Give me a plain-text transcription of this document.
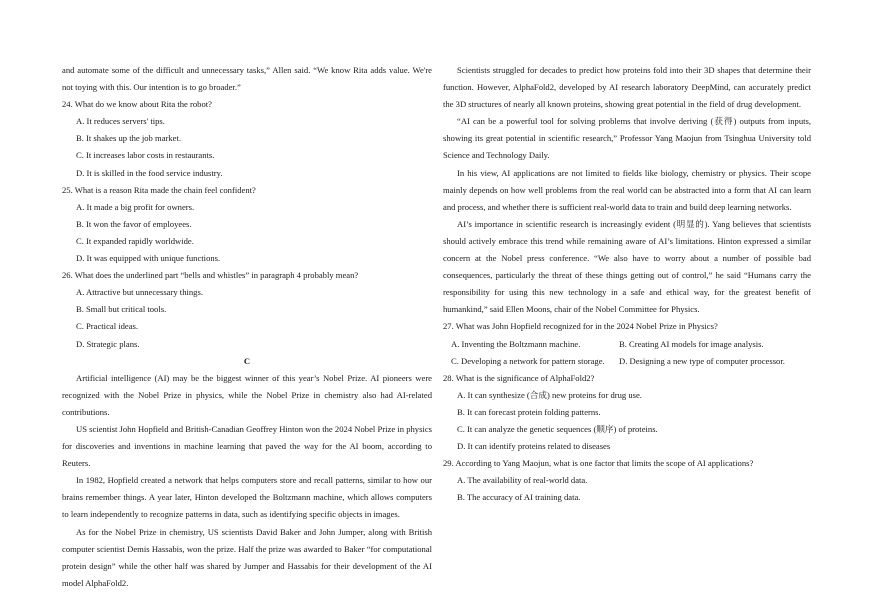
and automate some of the difficult and unnecessary tasks,” Allen said. “We know Rita adds value. We're not toying with this. Our intention is to go broader.”

24. What do we know about Rita the robot?

A. It reduces servers' tips.

B. It shakes up the job market.

C. It increases labor costs in restaurants.

D. It is skilled in the food service industry.

25. What is a reason Rita made the chain feel confident?

A. It made a big profit for owners.

B. It won the favor of employees.

C. It expanded rapidly worldwide.

D. It was equipped with unique functions.

26. What does the underlined part “bells and whistles” in paragraph 4 probably mean?

A. Attractive but unnecessary things.

B. Small but critical tools.

C. Practical ideas.

D. Strategic plans.

C

Artificial intelligence (AI) may be the biggest winner of this year’s Nobel Prize. AI pioneers were recognized with the Nobel Prize in physics, while the Nobel Prize in chemistry also had AI-related contributions.

US scientist John Hopfield and British-Canadian Geoffrey Hinton won the 2024 Nobel Prize in physics for discoveries and inventions in machine learning that paved the way for the AI boom, according to Reuters.

In 1982, Hopfield created a network that helps computers store and recall patterns, similar to how our brains remember things. A year later, Hinton developed the Boltzmann machine, which allows computers to learn independently to recognize patterns in data, such as identifying specific objects in images.

As for the Nobel Prize in chemistry, US scientists David Baker and John Jumper, along with British computer scientist Demis Hassabis, won the prize. Half the prize was awarded to Baker “for computational protein design” while the other half was shared by Jumper and Hassabis for their development of the AI model AlphaFold2.

Scientists struggled for decades to predict how proteins fold into their 3D shapes that determine their function. However, AlphaFold2, developed by AI research laboratory DeepMind, can accurately predict the 3D structures of nearly all known proteins, showing great potential in the field of drug development.

“AI can be a powerful tool for solving problems that involve deriving (获得) outputs from inputs, showing its great potential in scientific research,” Professor Yang Maojun from Tsinghua University told Science and Technology Daily.

In his view, AI applications are not limited to fields like biology, chemistry or physics. Their scope mainly depends on how well problems from the real world can be abstracted into a form that AI can learn and process, and whether there is sufficient real-world data to train and build deep learning networks.

AI’s importance in scientific research is increasingly evident (明显的). Yang believes that scientists should actively embrace this trend while remaining aware of AI’s limitations. Hinton expressed a similar concern at the Nobel press conference. “We also have to worry about a number of possible bad consequences, particularly the threat of these things getting out of control,” he said “Humans carry the responsibility for using this new technology in a safe and ethical way, for the greatest benefit of humankind,” said Ellen Moons, chair of the Nobel Committee for Physics.

27. What was John Hopfield recognized for in the 2024 Nobel Prize in Physics?

A. Inventing the Boltzmann machine.	B. Creating AI models for image analysis.
C. Developing a network for pattern storage.	D. Designing a new type of computer processor.

28. What is the significance of AlphaFold2?

A. It can synthesize (合成) new proteins for drug use.

B. It can forecast protein folding patterns.

C. It can analyze the genetic sequences (顺序) of proteins.

D. It can identify proteins related to diseases

29. According to Yang Maojun, what is one factor that limits the scope of AI applications?

A. The availability of real-world data.

B. The accuracy of AI training data.
